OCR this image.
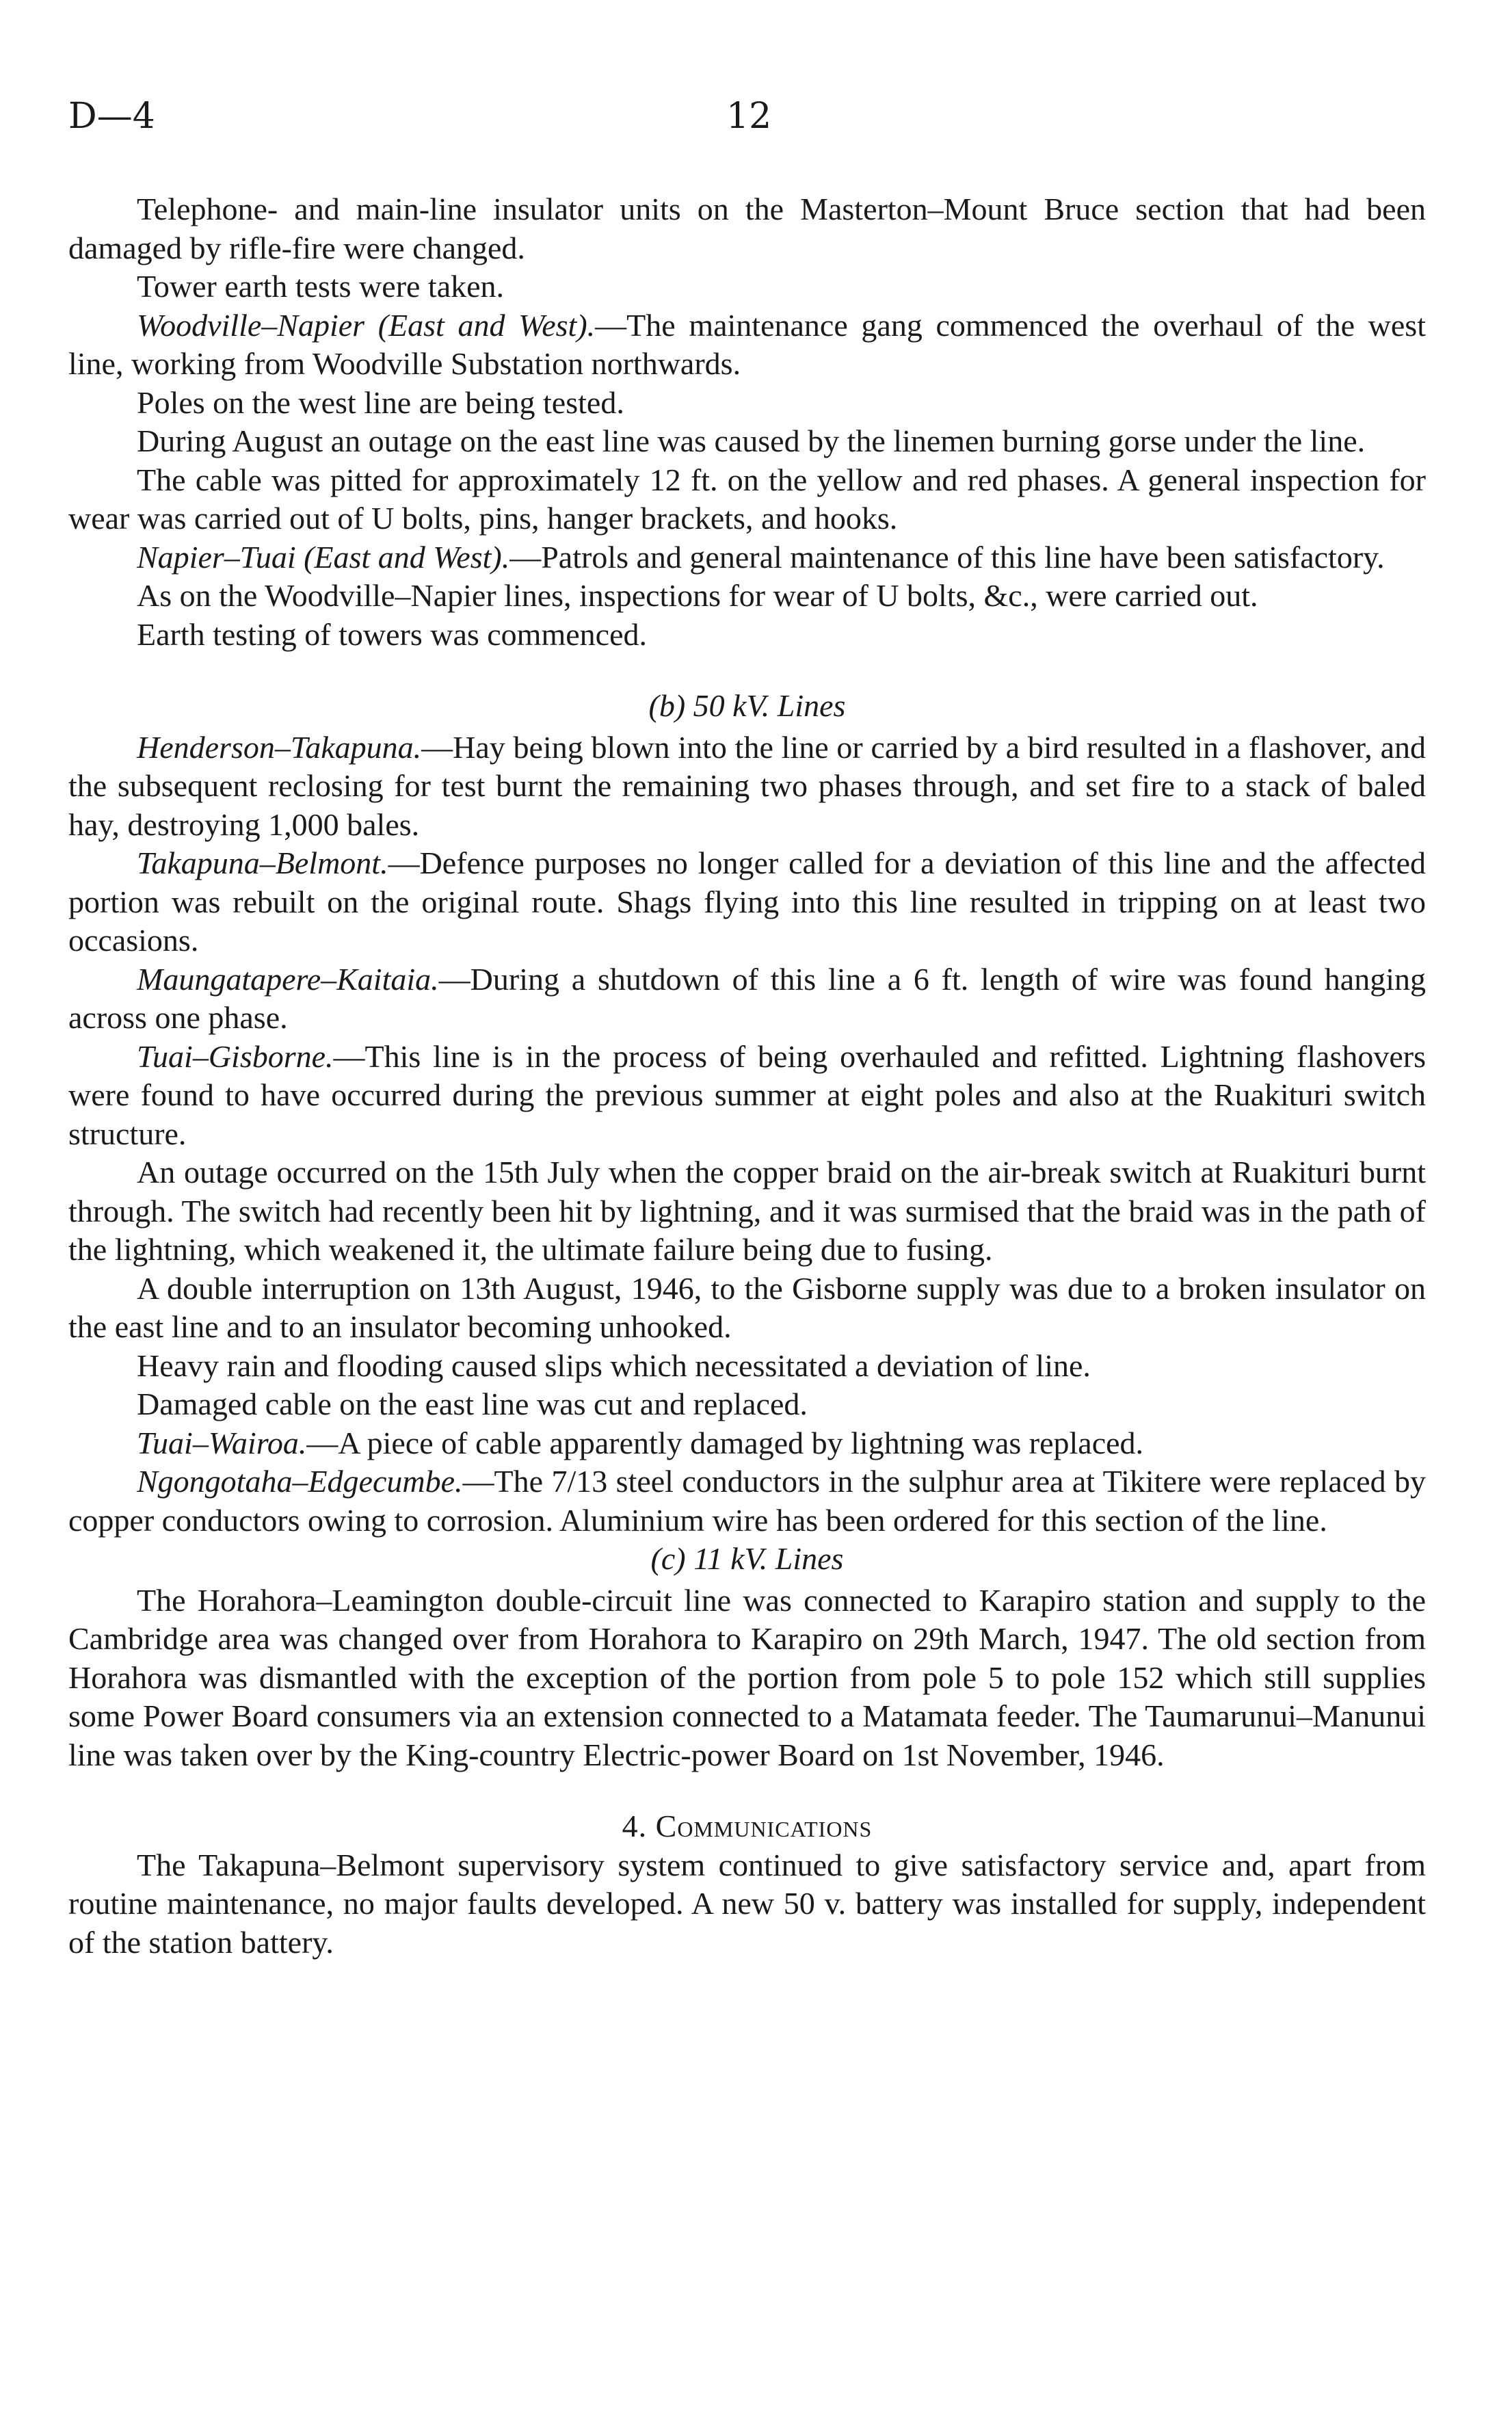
D—4	12

Telephone- and main-line insulator units on the Masterton–Mount Bruce section that had been damaged by rifle-fire were changed.

Tower earth tests were taken.

Woodville–Napier (East and West).—The maintenance gang commenced the overhaul of the west line, working from Woodville Substation northwards.

Poles on the west line are being tested.

During August an outage on the east line was caused by the linemen burning gorse under the line.

The cable was pitted for approximately 12 ft. on the yellow and red phases. A general inspection for wear was carried out of U bolts, pins, hanger brackets, and hooks.

Napier–Tuai (East and West).—Patrols and general maintenance of this line have been satisfactory.

As on the Woodville–Napier lines, inspections for wear of U bolts, &c., were carried out.

Earth testing of towers was commenced.

(b) 50 kV. Lines

Henderson–Takapuna.—Hay being blown into the line or carried by a bird resulted in a flashover, and the subsequent reclosing for test burnt the remaining two phases through, and set fire to a stack of baled hay, destroying 1,000 bales.

Takapuna–Belmont.—Defence purposes no longer called for a deviation of this line and the affected portion was rebuilt on the original route. Shags flying into this line resulted in tripping on at least two occasions.

Maungatapere–Kaitaia.—During a shutdown of this line a 6 ft. length of wire was found hanging across one phase.

Tuai–Gisborne.—This line is in the process of being overhauled and refitted. Lightning flashovers were found to have occurred during the previous summer at eight poles and also at the Ruakituri switch structure.

An outage occurred on the 15th July when the copper braid on the air-break switch at Ruakituri burnt through. The switch had recently been hit by lightning, and it was surmised that the braid was in the path of the lightning, which weakened it, the ultimate failure being due to fusing.

A double interruption on 13th August, 1946, to the Gisborne supply was due to a broken insulator on the east line and to an insulator becoming unhooked.

Heavy rain and flooding caused slips which necessitated a deviation of line.

Damaged cable on the east line was cut and replaced.

Tuai–Wairoa.—A piece of cable apparently damaged by lightning was replaced.

Ngongotaha–Edgecumbe.—The 7/13 steel conductors in the sulphur area at Tikitere were replaced by copper conductors owing to corrosion. Aluminium wire has been ordered for this section of the line.

(c) 11 kV. Lines

The Horahora–Leamington double-circuit line was connected to Karapiro station and supply to the Cambridge area was changed over from Horahora to Karapiro on 29th March, 1947. The old section from Horahora was dismantled with the exception of the portion from pole 5 to pole 152 which still supplies some Power Board consumers via an extension connected to a Matamata feeder. The Taumarunui–Manunui line was taken over by the King-country Electric-power Board on 1st November, 1946.

4. Communications

The Takapuna–Belmont supervisory system continued to give satisfactory service and, apart from routine maintenance, no major faults developed. A new 50 v. battery was installed for supply, independent of the station battery.
